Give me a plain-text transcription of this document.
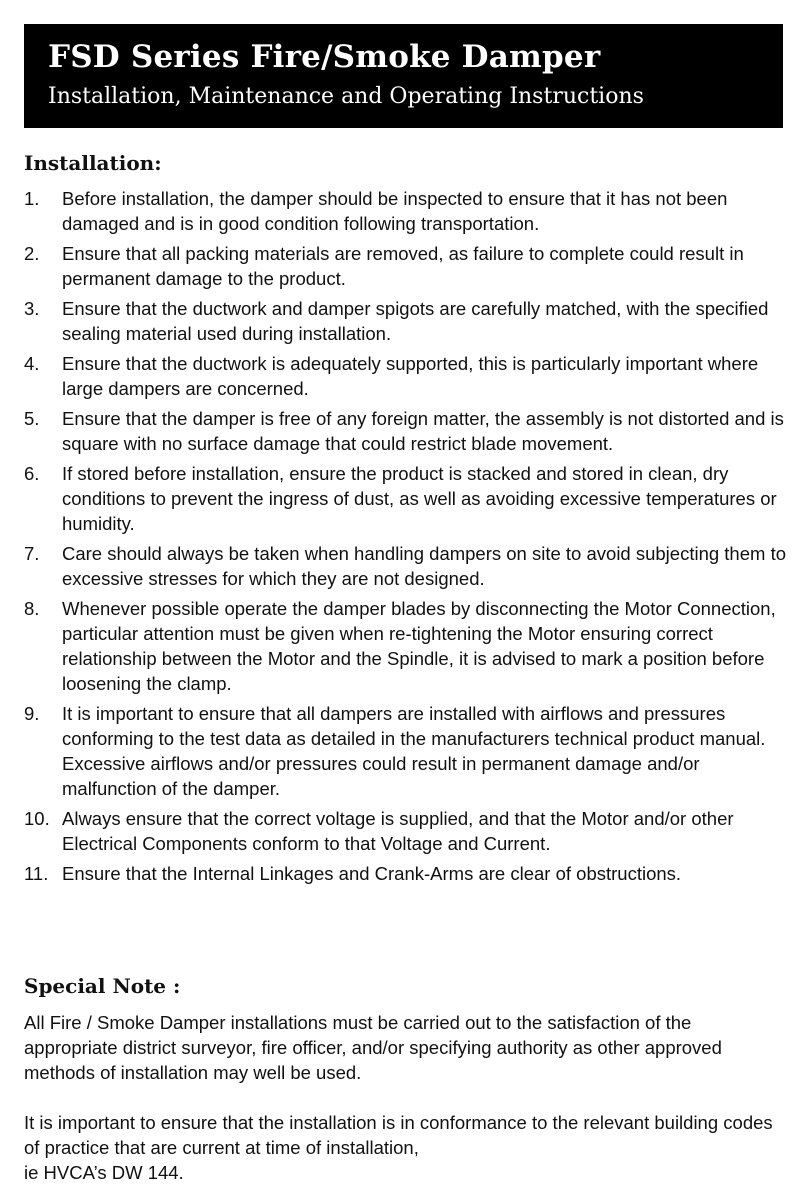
FSD Series Fire/Smoke Damper
Installation, Maintenance and Operating Instructions
Installation:
1. Before installation, the damper should be inspected to ensure that it has not been damaged and is in good condition following transportation.
2. Ensure that all packing materials are removed, as failure to complete could result in permanent damage to the product.
3. Ensure that the ductwork and damper spigots are carefully matched, with the specified sealing material used during installation.
4. Ensure that the ductwork is adequately supported, this is particularly important where large dampers are concerned.
5. Ensure that the damper is free of any foreign matter, the assembly is not distorted and is square with no surface damage that could restrict blade movement.
6. If stored before installation, ensure the product is stacked and stored in clean, dry conditions to prevent the ingress of dust, as well as avoiding excessive temperatures or humidity.
7. Care should always be taken when handling dampers on site to avoid subjecting them to excessive stresses for which they are not designed.
8. Whenever possible operate the damper blades by disconnecting the Motor Connection, particular attention must be given when re-tightening the Motor ensuring correct relationship between the Motor and the Spindle, it is advised to mark a position before loosening the clamp.
9. It is important to ensure that all dampers are installed with airflows and pressures conforming to the test data as detailed in the manufacturers technical product manual. Excessive airflows and/or pressures could result in permanent damage and/or malfunction of the damper.
10. Always ensure that the correct voltage is supplied, and that the Motor and/or other Electrical Components conform to that Voltage and Current.
11. Ensure that the Internal Linkages and Crank-Arms are clear of obstructions.
Special Note :

All Fire / Smoke Damper installations must be carried out to the satisfaction of the appropriate district surveyor, fire officer, and/or specifying authority as other approved methods of installation may well be used.

It is important to ensure that the installation is in conformance to the relevant building codes of practice that are current at time of installation,
ie HVCA’s DW 144.
